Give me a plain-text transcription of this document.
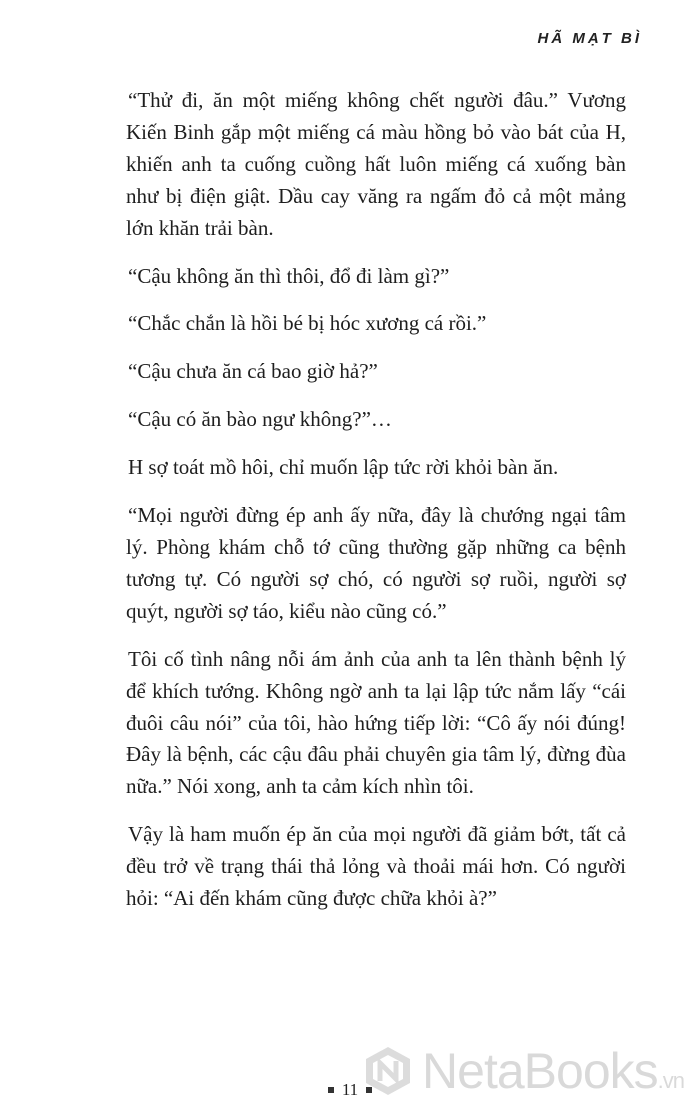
HÃ MẠT BÌ

“Thử đi, ăn một miếng không chết người đâu.” Vương Kiến Binh gắp một miếng cá màu hồng bỏ vào bát của H, khiến anh ta cuống cuồng hất luôn miếng cá xuống bàn như bị điện giật. Dầu cay văng ra ngấm đỏ cả một mảng lớn khăn trải bàn.

“Cậu không ăn thì thôi, đổ đi làm gì?”

“Chắc chắn là hồi bé bị hóc xương cá rồi.”

“Cậu chưa ăn cá bao giờ hả?”

“Cậu có ăn bào ngư không?”…

H sợ toát mồ hôi, chỉ muốn lập tức rời khỏi bàn ăn.

“Mọi người đừng ép anh ấy nữa, đây là chướng ngại tâm lý. Phòng khám chỗ tớ cũng thường gặp những ca bệnh tương tự. Có người sợ chó, có người sợ ruồi, người sợ quýt, người sợ táo, kiểu nào cũng có.”

Tôi cố tình nâng nỗi ám ảnh của anh ta lên thành bệnh lý để khích tướng. Không ngờ anh ta lại lập tức nắm lấy “cái đuôi câu nói” của tôi, hào hứng tiếp lời: “Cô ấy nói đúng! Đây là bệnh, các cậu đâu phải chuyên gia tâm lý, đừng đùa nữa.” Nói xong, anh ta cảm kích nhìn tôi.

Vậy là ham muốn ép ăn của mọi người đã giảm bớt, tất cả đều trở về trạng thái thả lỏng và thoải mái hơn. Có người hỏi: “Ai đến khám cũng được chữa khỏi à?”

11 NetaBooks.vn
